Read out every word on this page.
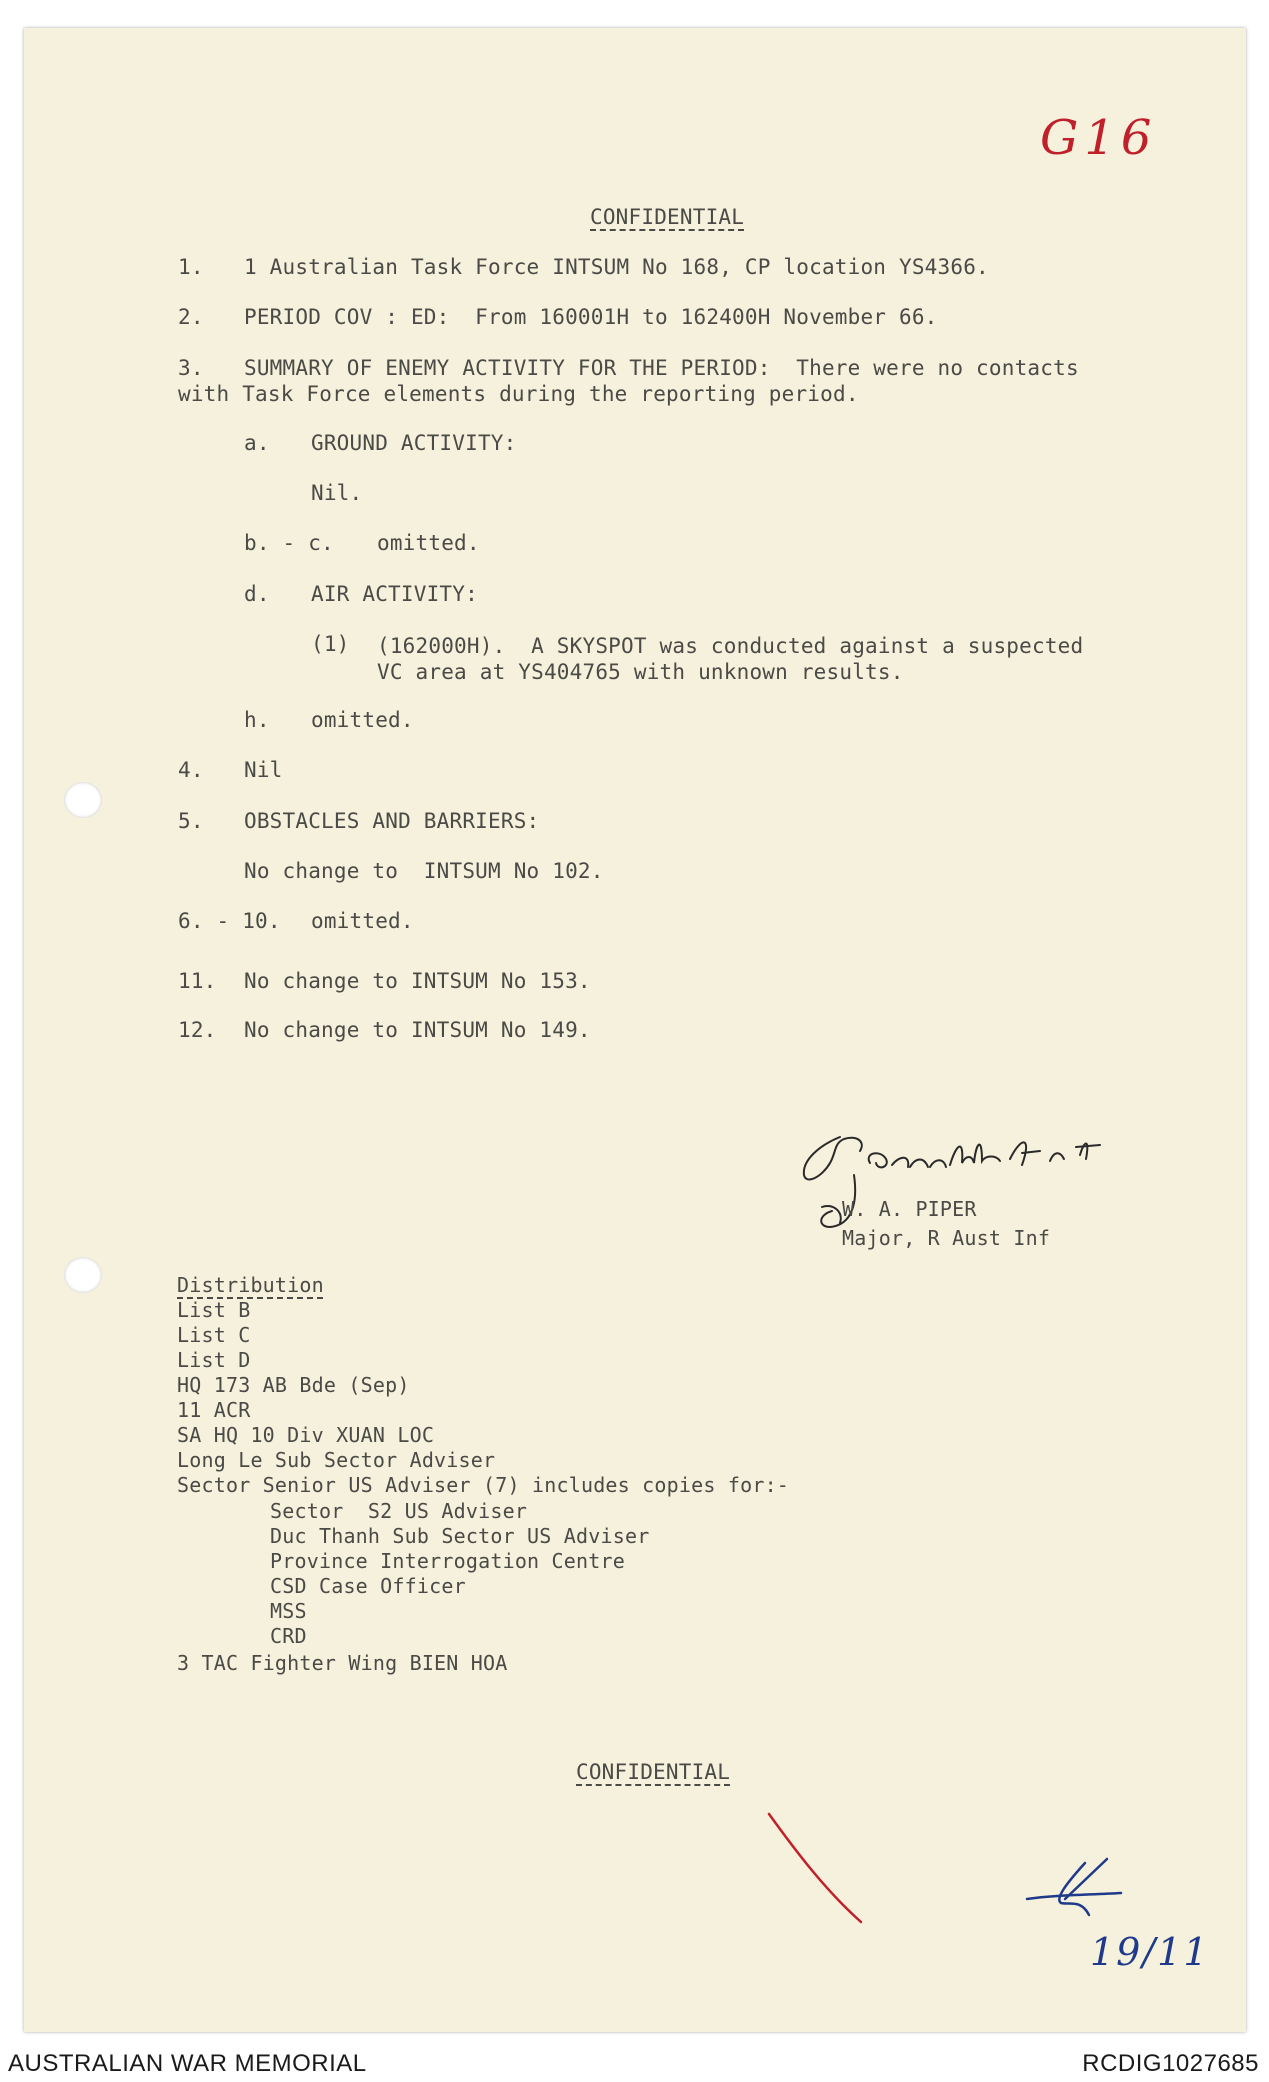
G16
CONFIDENTIAL
1. 1 Australian Task Force INTSUM No 168, CP location YS4366.
2. PERIOD COV : ED:  From 160001H to 162400H November 66.
3. SUMMARY OF ENEMY ACTIVITY FOR THE PERIOD:  There were no contacts
with Task Force elements during the reporting period.
a. GROUND ACTIVITY:
Nil.
b. - c. omitted.
d. AIR ACTIVITY:
(1) (162000H).  A SKYSPOT was conducted against a suspected
VC area at YS404765 with unknown results.
h. omitted.
4. Nil
5. OBSTACLES AND BARRIERS:
No change to  INTSUM No 102.
6. - 10. omitted.
11. No change to INTSUM No 153.
12. No change to INTSUM No 149.
W. A. PIPER
Major, R Aust Inf
Distribution
List B
List C
List D
HQ 173 AB Bde (Sep)
11 ACR
SA HQ 10 Div XUAN LOC
Long Le Sub Sector Adviser
Sector Senior US Adviser (7) includes copies for:-
Sector  S2 US Adviser
Duc Thanh Sub Sector US Adviser
Province Interrogation Centre
CSD Case Officer
MSS
CRD
3 TAC Fighter Wing BIEN HOA
CONFIDENTIAL
19/11
AUSTRALIAN WAR MEMORIAL	RCDIG1027685
